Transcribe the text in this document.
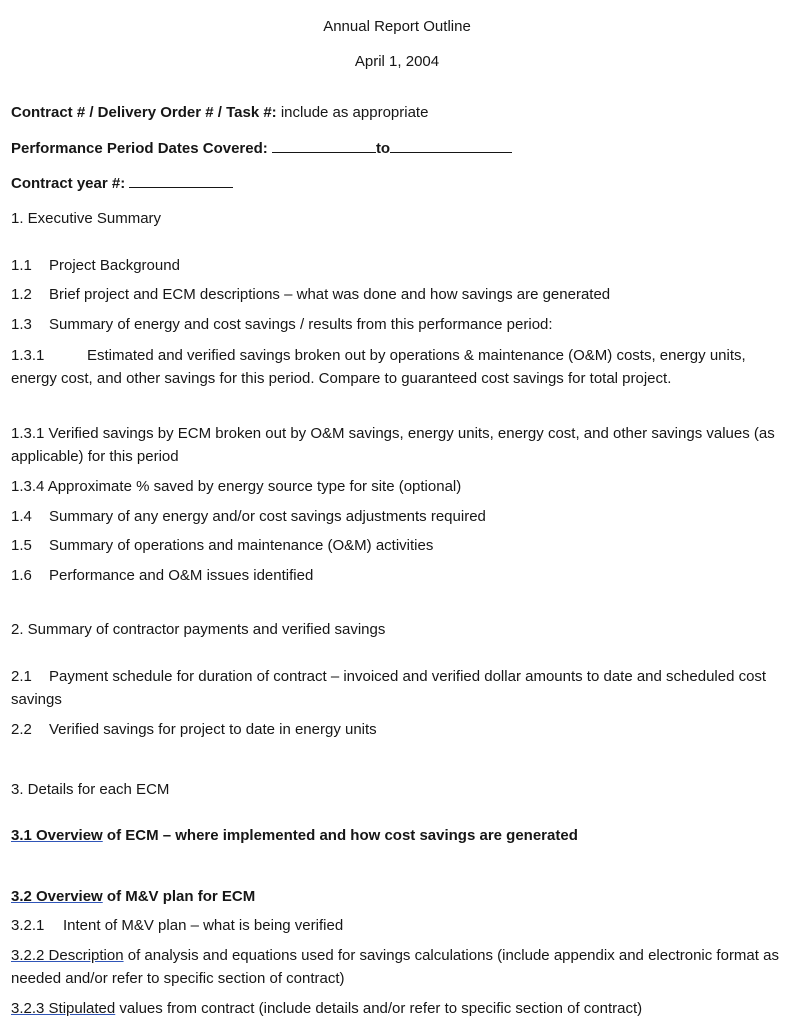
Annual Report Outline

April 1, 2004

Contract # / Delivery Order # / Task #: include as appropriate

Performance Period Dates Covered:	to

Contract year #:

1. Executive Summary

1.1 Project Background

1.2 Brief project and ECM descriptions – what was done and how savings are generated

1.3 Summary of energy and cost savings / results from this performance period:

1.3.1	Estimated and verified savings broken out by operations & maintenance (O&M) costs, energy units, energy cost, and other savings for this period. Compare to guaranteed cost savings for total project.

1.3.1 Verified savings by ECM broken out by O&M savings, energy units, energy cost, and other savings values (as applicable) for this period

1.3.4 Approximate % saved by energy source type for site (optional)

1.4 Summary of any energy and/or cost savings adjustments required

1.5 Summary of operations and maintenance (O&M) activities

1.6 Performance and O&M issues identified

2. Summary of contractor payments and verified savings

2.1 Payment schedule for duration of contract – invoiced and verified dollar amounts to date and scheduled cost savings

2.2 Verified savings for project to date in energy units

3. Details for each ECM

3.1 Overview of ECM – where implemented and how cost savings are generated

3.2 Overview of M&V plan for ECM

3.2.1 Intent of M&V plan – what is being verified

3.2.2 Description of analysis and equations used for savings calculations (include appendix and electronic format as needed and/or refer to specific section of contract)

3.2.3 Stipulated values from contract (include details and/or refer to specific section of contract)
